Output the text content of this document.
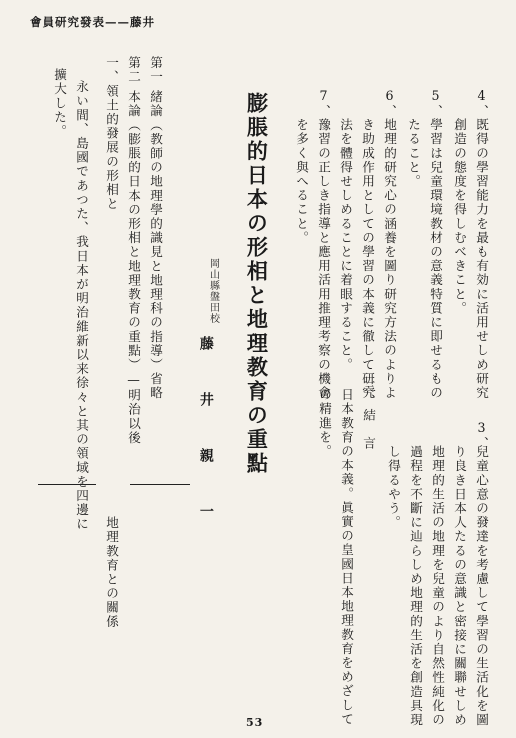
會員研究發表——藤井
4、
既得の學習能力を最も有効に活用せしめ研究
創造の態度を得しむべきこと。
5、
學習は兒童環境教材の意義特質に即せるもの
たること。
6、
地理的研究心の涵養を圖り研究方法のよりよ
き助成作用としての學習の本義に徹して研究
法を體得せしめることに着眼すること。
7、
豫習の正しき指導と應用活用推理考察の機會
を多く與へること。
3、
兒童心意の發達を考慮して學習の生活化を圖
り良き日本人たるの意識と密接に關聯せしめ
地理的生活の地理を兒童のより自然性純化の
過程を不斷に辿らしめ地理的生活を創造具現
し得るやう。
三、結　言
日本教育の本義。眞實の皇國日本地理教育をめざして
の精進を。
膨脹的日本の形相と地理教育の重點
岡山縣盤田校
藤　井　親　一
第一
緒論（教師の地理學的識見と地理科の指導）省略
第二
本論（膨脹的日本の形相と地理教育の重點）—明治以後
一、領土的發展の形相と
地理教育との關係
永い間、島國であつた、我日本が明治維新以来徐々と其の領域を四邊に
擴大した。
53
